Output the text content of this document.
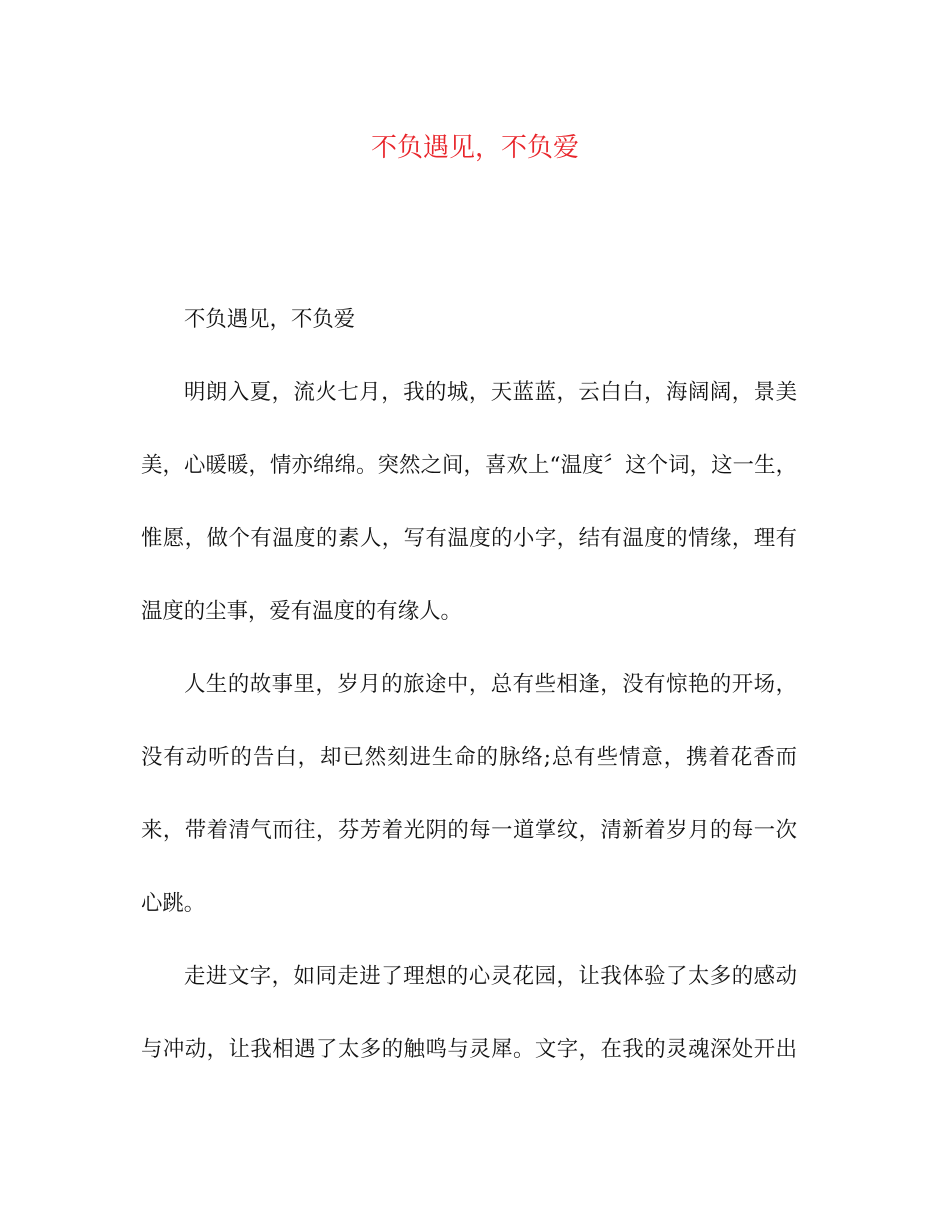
不负遇见，不负爱
不负遇见，不负爱
明朗入夏，流火七月，我的城，天蓝蓝，云白白，海阔阔，景美
美，心暖暖，情亦绵绵。突然之间，喜欢上“温度〞这个词，这一生，
惟愿，做个有温度的素人，写有温度的小字，结有温度的情缘，理有
温度的尘事，爱有温度的有缘人。
人生的故事里，岁月的旅途中，总有些相逢，没有惊艳的开场，
没有动听的告白，却已然刻进生命的脉络;总有些情意，携着花香而
来，带着清气而往，芬芳着光阴的每一道掌纹，清新着岁月的每一次
心跳。
走进文字，如同走进了理想的心灵花园，让我体验了太多的感动
与冲动，让我相遇了太多的触鸣与灵犀。文字，在我的灵魂深处开出
